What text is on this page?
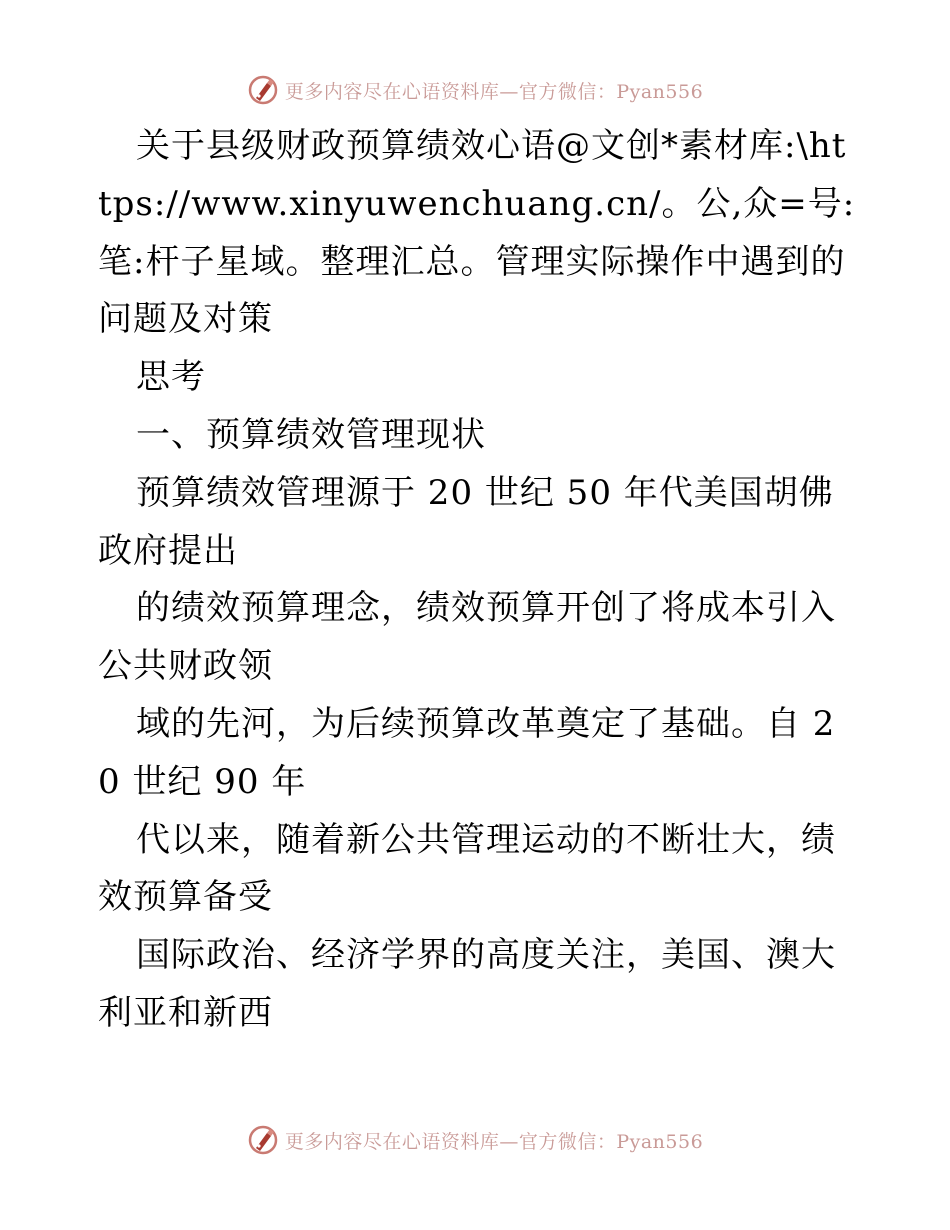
更多内容尽在心语资料库—官方微信：Pyan556

关于县级财政预算绩效心语@文创*素材库:\https://www.xinyuwenchuang.cn/。公,众=号:笔:杆子星域。整理汇总。管理实际操作中遇到的问题及对策

思考

一、预算绩效管理现状

预算绩效管理源于 20 世纪 50 年代美国胡佛政府提出

的绩效预算理念，绩效预算开创了将成本引入公共财政领

域的先河，为后续预算改革奠定了基础。自 20 世纪 90 年

代以来，随着新公共管理运动的不断壮大，绩效预算备受

国际政治、经济学界的高度关注，美国、澳大利亚和新西

更多内容尽在心语资料库—官方微信：Pyan556
